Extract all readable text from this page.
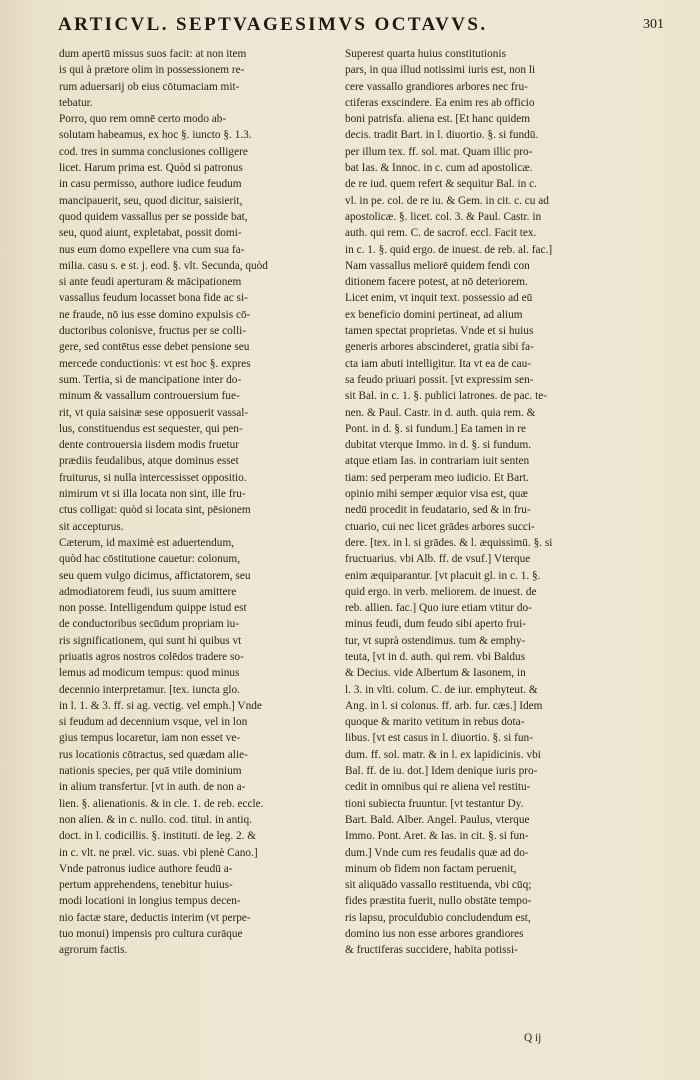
ARTICVL. SEPTVAGESIMVS OCTAVVS.	301
dum apertū missus suos facit: at non item
is qui à prætore olim in possessionem re-
rum aduersarij ob eius cōtumaciam mit-
tebatur.
Porro, quo rem omnē certo modo ab-
solutam habeamus, ex hoc §. iuncto §. 1.3.
cod. tres in summa conclusiones colligere
licet. Harum prima est. Quòd si patronus
in casu permisso, authore iudice feudum
mancipauerit, seu, quod dicitur, saisierit,
quod quidem vassallus per se posside bat,
seu, quod aiunt, expletabat, possit domi-
nus eum domo expellere vna cum sua fa-
milia. casu s. e st. j. eod. §. vlt. Secunda, quòd
si ante feudi aperturam & mācipationem
vassallus feudum locasset bona fide ac si-
ne fraude, nō ius esse domino expulsis cō-
ductoribus colonisve, fructus per se colli-
gere, sed contētus esse debet pensione seu
mercede conductionis: vt est hoc §. expres
sum. Tertia, si de mancipatione inter do-
minum & vassallum controuersium fue-
rit, vt quia saisinæ sese opposuerit vassal-
lus, constituendus est sequester, qui pen-
dente controuersia iisdem modis fruetur
prædiis feudalibus, atque dominus esset
fruiturus, si nulla intercessisset oppositio.
nimirum vt si illa locata non sint, ille fru-
ctus colligat: quòd si locata sint, pēsionem
sit accepturus.
Cæterum, id maximè est aduertendum,
quòd hac cōstitutione cauetur: colonum,
seu quem vulgo dicimus, affictatorem, seu
admodiatorem feudi, ius suum amittere
non posse. Intelligendum quippe istud est
de conductoribus secūdum propriam iu-
ris significationem, qui sunt hi quibus vt
priuatis agros nostros colēdos tradere so-
lemus ad modicum tempus: quod minus
decennio interpretamur. [tex. iuncta glo.
in l. 1. & 3. ff. si ag. vectig. vel emph.] Vnde
si feudum ad decennium vsque, vel in lon
gius tempus locaretur, iam non esset ve-
rus locationis cōtractus, sed quædam alie-
nationis species, per quā vtile dominium
in alium transfertur. [vt in auth. de non a-
lien. §. alienationis. & in cle. 1. de reb. eccle.
non alien. & in c. nullo. cod. titul. in antiq.
doct. in l. codicillis. §. instituti. de leg. 2. &
in c. vlt. ne præl. vic. suas. vbi plenè Cano.]
Vnde patronus iudice authore feudū a-
pertum apprehendens, tenebitur huius-
modi locationi in longius tempus decen-
nio factæ stare, deductis interim (vt perpe-
tuo monui) impensis pro cultura curāque
agrorum factis.
Superest quarta huius constitutionis
pars, in qua illud notissimi iuris est, non li
cere vassallo grandiores arbores nec fru-
ctiferas exscindere. Ea enim res ab officio
boni patrisfa. aliena est. [Et hanc quidem
decis. tradit Bart. in l. diuortio. §. si fundū.
per illum tex. ff. sol. mat. Quam illic pro-
bat Ias. & Innoc. in c. cum ad apostolicæ.
de re iud. quem refert & sequitur Bal. in c.
vl. in pe. col. de re iu. & Gem. in cit. c. cu ad
apostolicæ. §. licet. col. 3. & Paul. Castr. in
auth. qui rem. C. de sacrof. eccl. Facit tex.
in c. 1. §. quid ergo. de inuest. de reb. al. fac.]
Nam vassallus meliorē quidem fendi con
ditionem facere potest, at nō deteriorem.
Licet enim, vt inquit text. possessio ad eū
ex beneficio domini pertineat, ad alium
tamen spectat proprietas. Vnde et si huius
generis arbores abscinderet, gratia sibi fa-
cta iam abuti intelligitur. Ita vt ea de cau-
sa feudo priuari possit. [vt expressim sen-
sit Bal. in c. 1. §. publici latrones. de pac. te-
nen. & Paul. Castr. in d. auth. quia rem. &
Pont. in d. §. si fundum.] Ea tamen in re
dubitat vterque Immo. in d. §. si fundum.
atque etiam Ias. in contrariam iuit senten
tiam: sed perperam meo iudicio. Et Bart.
opinio mihi semper æquior visa est, quæ
nedū procedit in feudatario, sed & in fru-
ctuario, cui nec licet grādes arbores succi-
dere. [tex. in l. si grādes. & l. æquissimū. §. si
fructuarius. vbi Alb. ff. de vsuf.] Vterque
enim æquiparantur. [vt placuit gl. in c. 1. §.
quid ergo. in verb. meliorem. de inuest. de
reb. allien. fac.] Quo iure etiam vtitur do-
minus feudi, dum feudo sibi aperto frui-
tur, vt suprà ostendimus. tum & emphy-
teuta, [vt in d. auth. qui rem. vbi Baldus
& Decius. vide Albertum & Iasonem, in
l. 3. in vlti. colum. C. de iur. emphyteut. &
Ang. in l. si colonus. ff. arb. fur. cæs.] Idem
quoque & marito vetitum in rebus dota-
libus. [vt est casus in l. diuortio. §. si fun-
dum. ff. sol. matr. & in l. ex lapidicinis. vbi
Bal. ff. de iu. dot.] Idem denique iuris pro-
cedit in omnibus qui re aliena vel restitu-
tioni subiecta fruuntur. [vt testantur Dy.
Bart. Bald. Alber. Angel. Paulus, vterque
Immo. Pont. Aret. & Ias. in cit. §. si fun-
dum.] Vnde cum res feudalis quæ ad do-
minum ob fidem non factam peruenit,
sit aliquādo vassallo restituenda, vbi cūq;
fides præstita fuerit, nullo obstāte tempo-
ris lapsu, proculdubio concludendum est,
domino ius non esse arbores grandiores
& fructiferas succidere, habita potissi-
Q ij
